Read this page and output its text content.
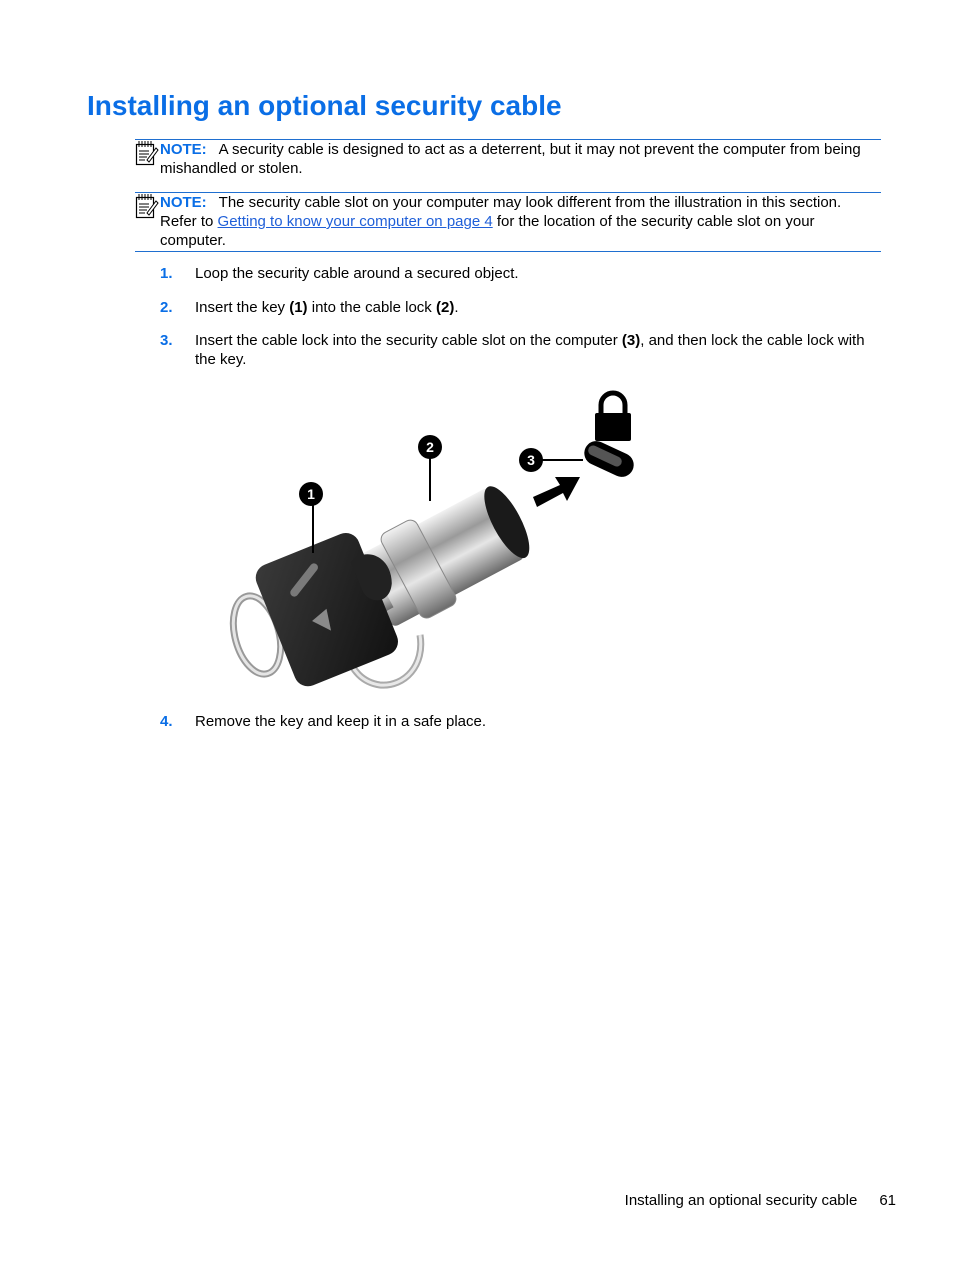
Installing an optional security cable
NOTE: A security cable is designed to act as a deterrent, but it may not prevent the computer from being mishandled or stolen.
NOTE: The security cable slot on your computer may look different from the illustration in this section. Refer to Getting to know your computer on page 4 for the location of the security cable slot on your computer.
1. Loop the security cable around a secured object.
2. Insert the key (1) into the cable lock (2).
3. Insert the cable lock into the security cable slot on the computer (3), and then lock the cable lock with the key.
4. Remove the key and keep it in a safe place.
1
2
3
Installing an optional security cable 61
